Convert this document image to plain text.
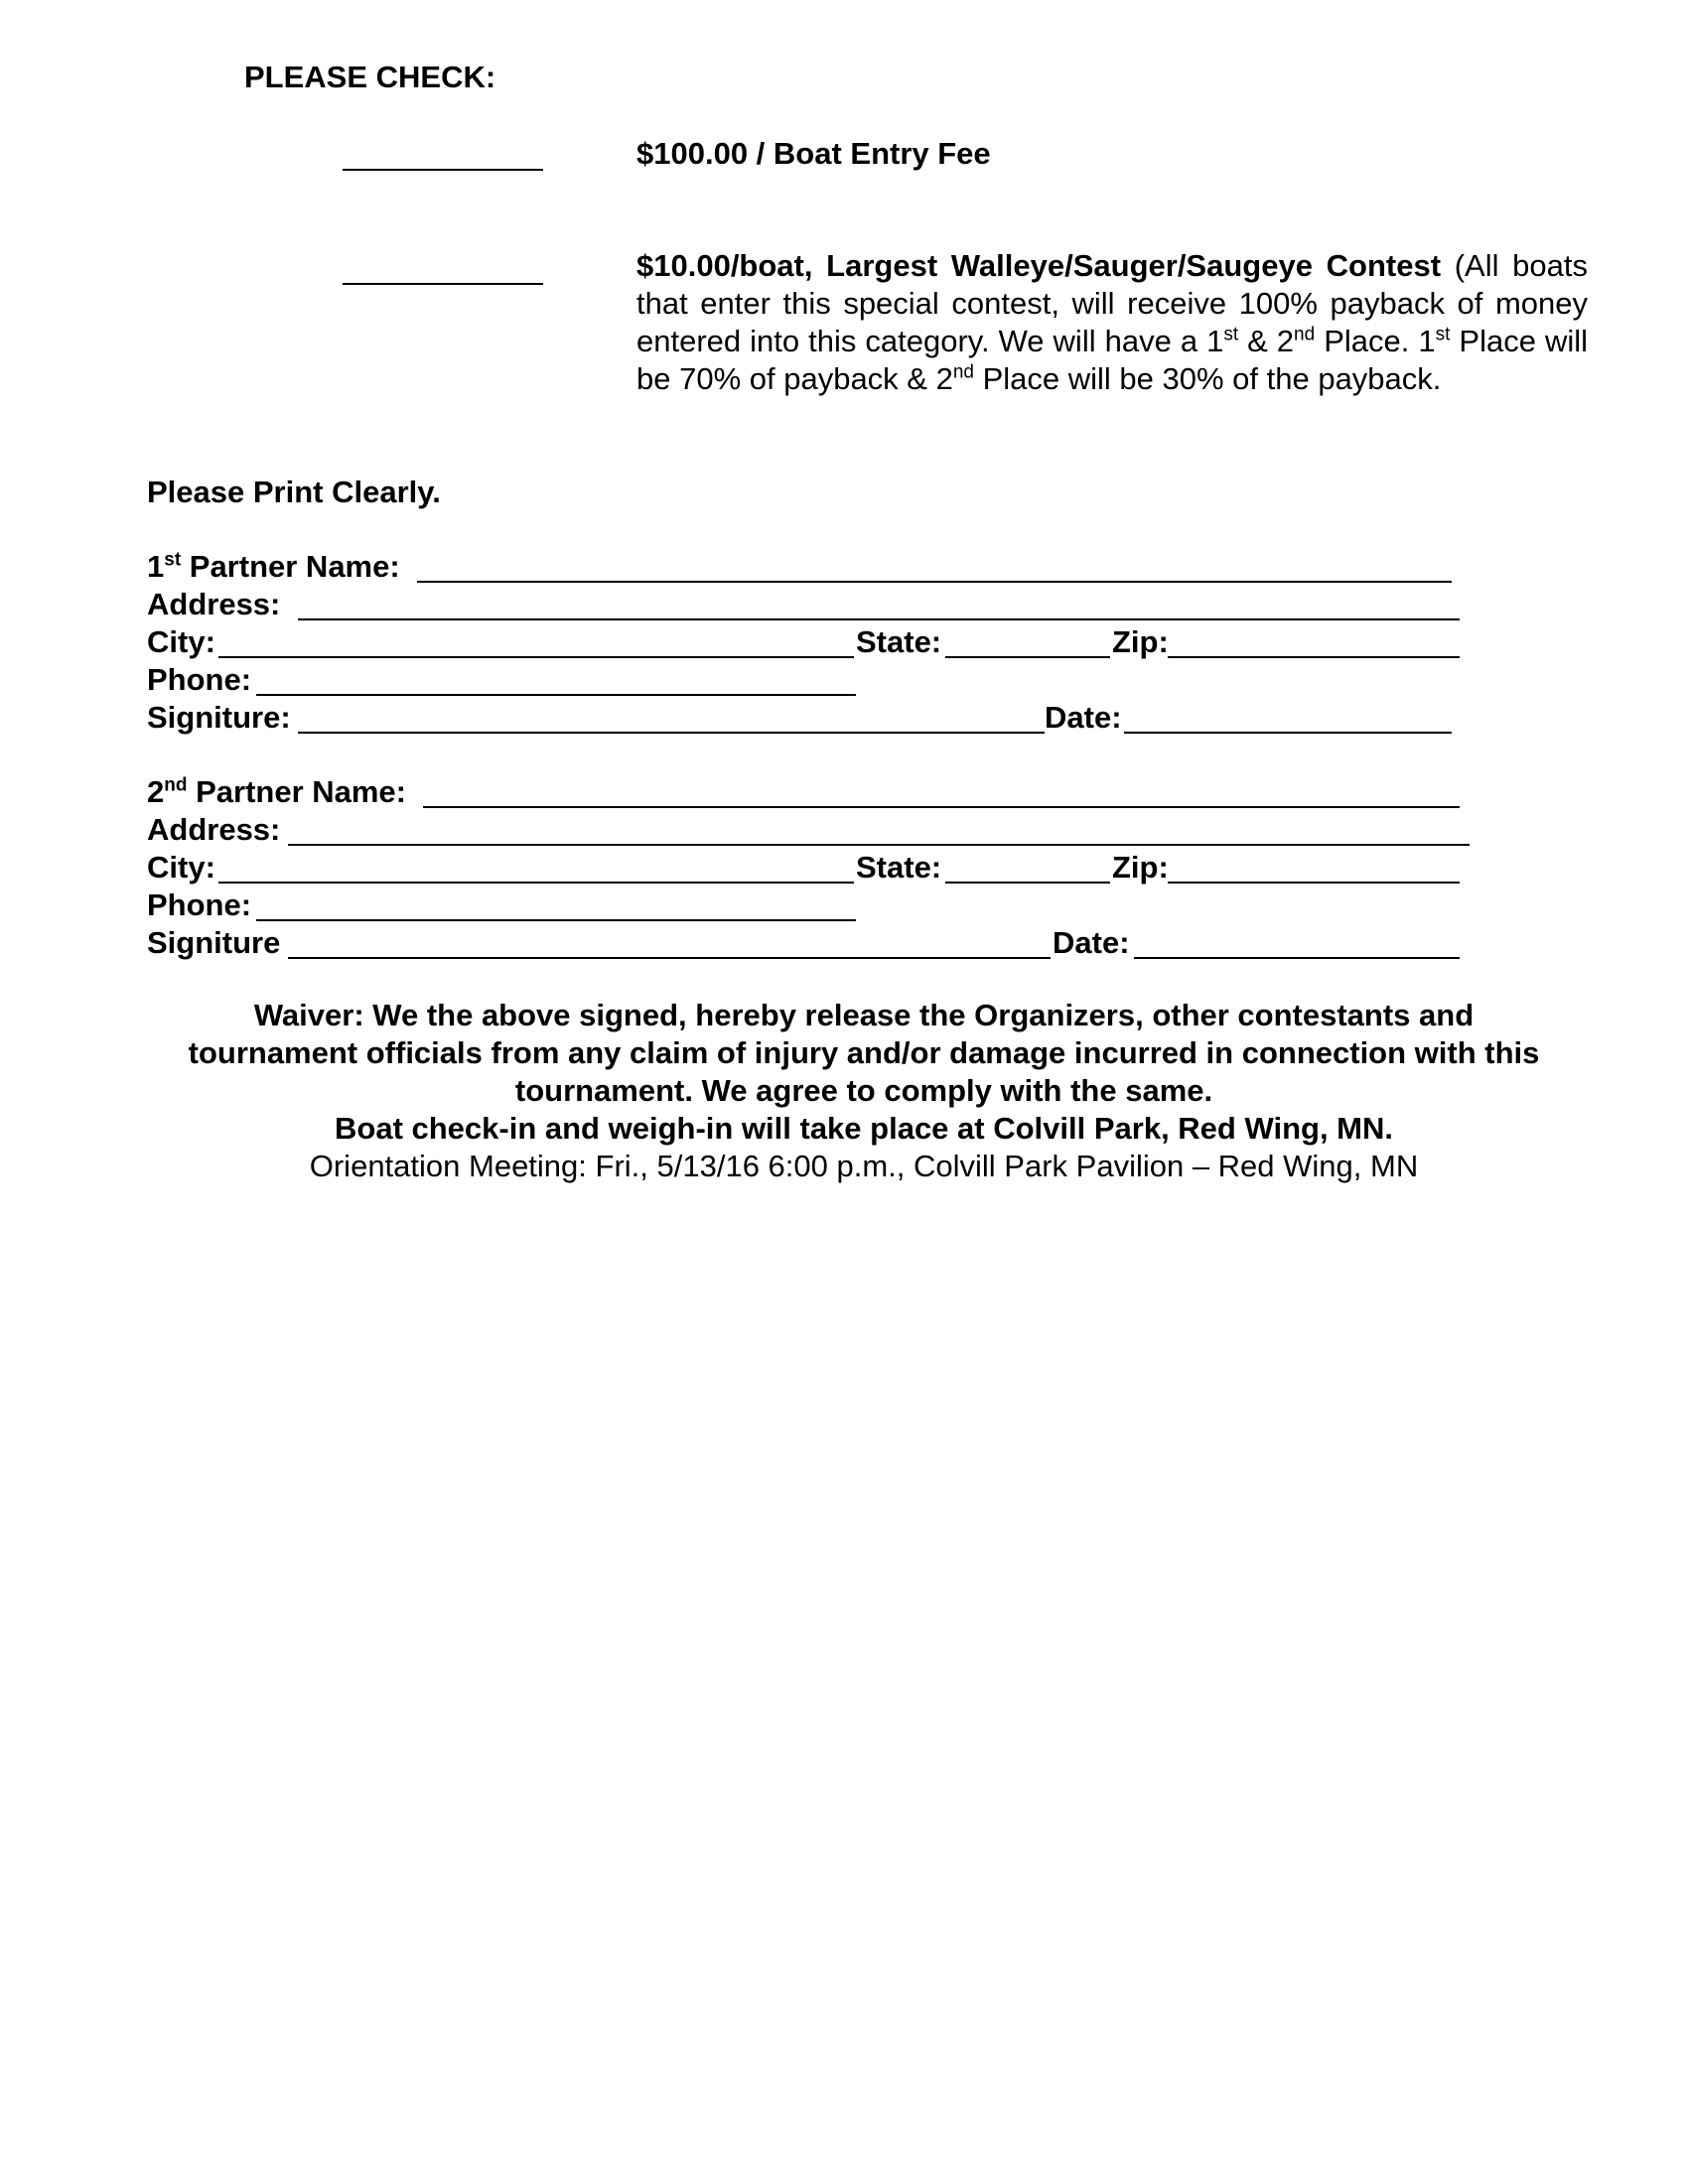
PLEASE CHECK:
$100.00 / Boat Entry Fee
$10.00/boat, Largest Walleye/Sauger/Saugeye Contest (All boats that enter this special contest, will receive 100% payback of money entered into this category. We will have a 1st & 2nd Place. 1st Place will be 70% of payback & 2nd Place will be 30% of the payback.
Please Print Clearly.
1st Partner Name:
Address:
City:	State:	Zip:
Phone:
Signiture:	Date:
2nd Partner Name:
Address:
City:	State:	Zip:
Phone:
Signiture	Date:
Waiver: We the above signed, hereby release the Organizers, other contestants and
tournament officials from any claim of injury and/or damage incurred in connection with this
tournament. We agree to comply with the same.
Boat check-in and weigh-in will take place at Colvill Park, Red Wing, MN.
Orientation Meeting: Fri., 5/13/16 6:00 p.m., Colvill Park Pavilion – Red Wing, MN
